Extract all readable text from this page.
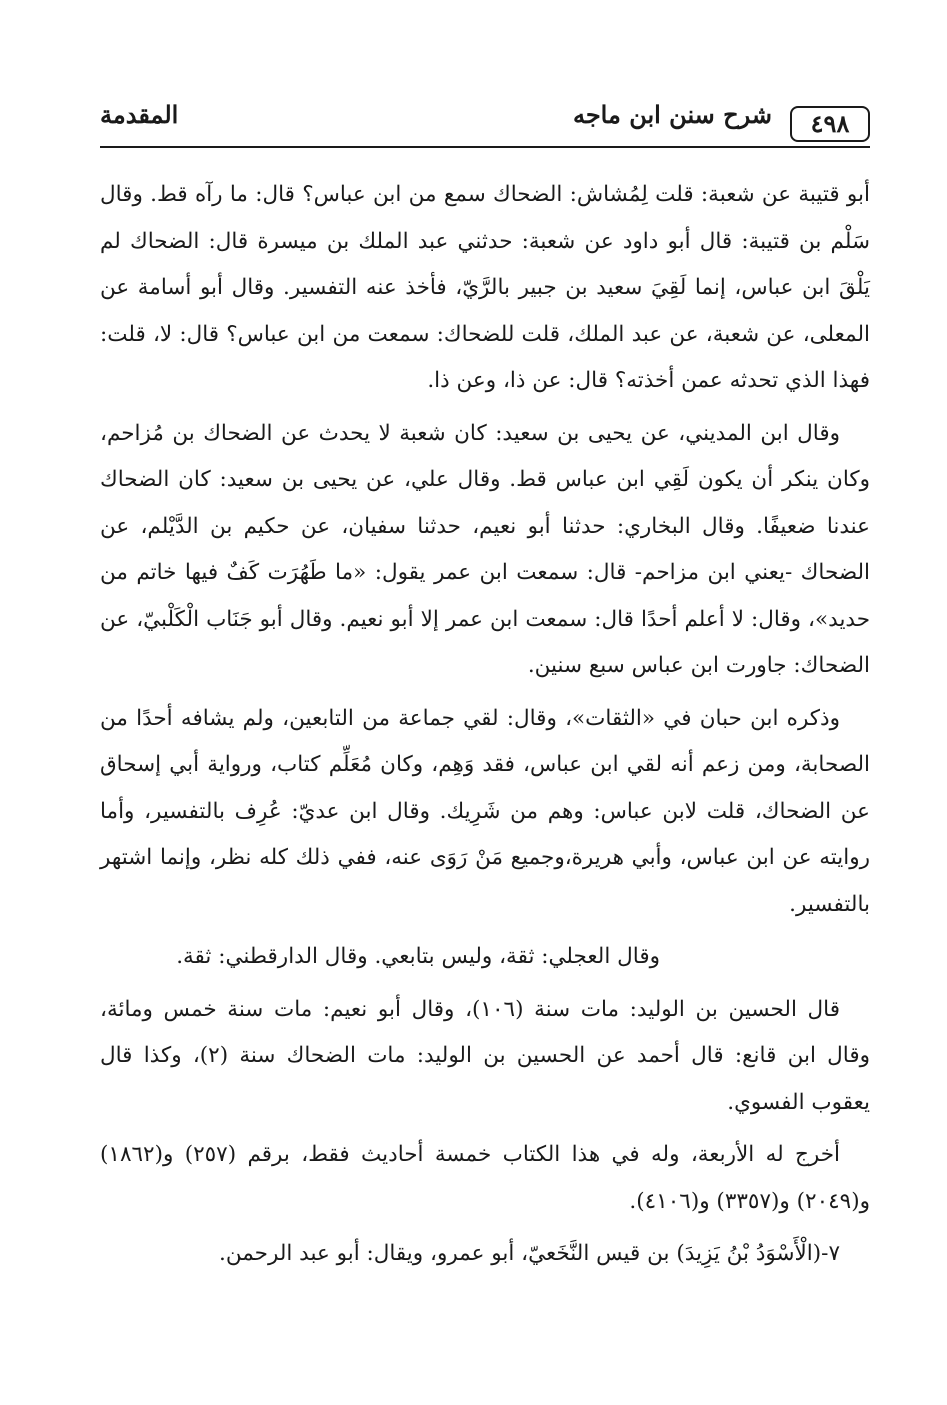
٤٩٨
شرح سنن ابن ماجه
المقدمة

أبو قتيبة عن شعبة: قلت لِمُشاش: الضحاك سمع من ابن عباس؟ قال: ما رآه قط. وقال سَلْم بن قتيبة: قال أبو داود عن شعبة: حدثني عبد الملك بن ميسرة قال: الضحاك لم يَلْقَ ابن عباس، إنما لَقِيَ سعيد بن جبير بالرَّيّ، فأخذ عنه التفسير. وقال أبو أسامة عن المعلى، عن شعبة، عن عبد الملك، قلت للضحاك: سمعت من ابن عباس؟ قال: لا، قلت: فهذا الذي تحدثه عمن أخذته؟ قال: عن ذا، وعن ذا.

وقال ابن المديني، عن يحيى بن سعيد: كان شعبة لا يحدث عن الضحاك بن مُزاحم، وكان ينكر أن يكون لَقِي ابن عباس قط. وقال علي، عن يحيى بن سعيد: كان الضحاك عندنا ضعيفًا. وقال البخاري: حدثنا أبو نعيم، حدثنا سفيان، عن حكيم بن الدَّيْلم، عن الضحاك -يعني ابن مزاحم- قال: سمعت ابن عمر يقول: «ما طَهُرَت كَفٌ فيها خاتم من حديد»، وقال: لا أعلم أحدًا قال: سمعت ابن عمر إلا أبو نعيم. وقال أبو جَنَاب الْكَلْبيّ، عن الضحاك: جاورت ابن عباس سبع سنين.

وذكره ابن حبان في «الثقات»، وقال: لقي جماعة من التابعين، ولم يشافه أحدًا من الصحابة، ومن زعم أنه لقي ابن عباس، فقد وَهِم، وكان مُعَلِّم كتاب، ورواية أبي إسحاق عن الضحاك، قلت لابن عباس: وهم من شَرِيك. وقال ابن عديّ: عُرِف بالتفسير، وأما روايته عن ابن عباس، وأبي هريرة،وجميع مَنْ رَوَى عنه، ففي ذلك كله نظر، وإنما اشتهر بالتفسير.

وقال العجلي: ثقة، وليس بتابعي. وقال الدارقطني: ثقة.

قال الحسين بن الوليد: مات سنة (١٠٦)، وقال أبو نعيم: مات سنة خمس ومائة، وقال ابن قانع: قال أحمد عن الحسين بن الوليد: مات الضحاك سنة (٢)، وكذا قال يعقوب الفسوي.

أخرج له الأربعة، وله في هذا الكتاب خمسة أحاديث فقط، برقم (٢٥٧) و(١٨٦٢) و(٢٠٤٩) و(٣٣٥٧) و(٤١٠٦).

٧-(الْأَسْوَدُ بْنُ يَزِيدَ) بن قيس النَّخَعيّ، أبو عمرو، ويقال: أبو عبد الرحمن.
